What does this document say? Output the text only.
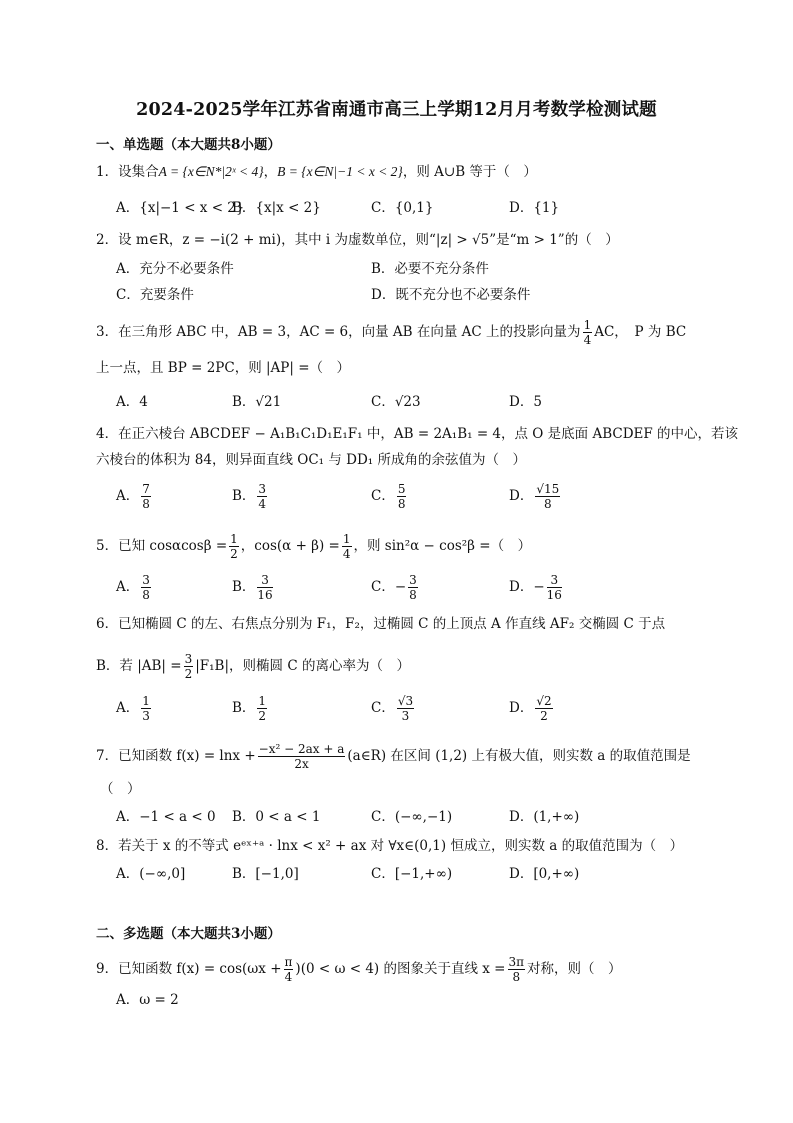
2024-2025学年江苏省南通市高三上学期12月月考数学检测试题
一、单选题（本大题共8小题）
1．设集合A = {x∈N*|2ˣ < 4}，B = {x∈N|−1 < x < 2}，则 A∪B 等于（　）
A．{x|−1 < x < 2}
B．{x|x < 2}	C．{0,1}	D．{1}
2．设 m∈R，z = −i(2 + mi)，其中 i 为虚数单位，则“|z| > √5”是“m > 1”的（　）
A．充分不必要条件	B．必要不充分条件
C．充要条件	D．既不充分也不必要条件
3．在三角形 ABC 中，AB = 3，AC = 6，向量 AB 在向量 AC 上的投影向量为 $\frac{1}{4}$ AC，　P 为 BC
上一点，且 BP = 2PC，则 |AP| =（　）
A．4	B．√21	C．√23	D．5
4．在正六棱台 ABCDEF − A₁B₁C₁D₁E₁F₁ 中，AB = 2A₁B₁ = 4，点 O 是底面 ABCDEF 的中心，若该
六棱台的体积为 84，则异面直线 OC₁ 与 DD₁ 所成角的余弦值为（　）
A． $\frac{7}{8}$	B． $\frac{3}{4}$	C． $\frac{5}{8}$	D． $\frac{√15}{8}$
5．已知 $\cos\alpha\cos\beta = \frac{1}{2}$ ，$\cos(\alpha + \beta) = \frac{1}{4}$ ，则 sin²α − cos²β =（　）
A． $\frac{3}{8}$	B． $\frac{3}{16}$	C．− $\frac{3}{8}$	D．− $\frac{3}{16}$
6．已知椭圆 C 的左、右焦点分别为 F₁，F₂，过椭圆 C 的上顶点 A 作直线 AF₂ 交椭圆 C 于点
B．若 $|AB| = \frac{3}{2} |F_1B|$，则椭圆 C 的离心率为（　）
A． $\frac{1}{3}$	B． $\frac{1}{2}$	C． $\frac{√3}{3}$	D． $\frac{√2}{2}$
7．已知函数 $f(x) = \ln x + \frac{\text{−x² − 2ax + a}}{2x}$ (a∈R) 在区间 (1,2) 上有极大值，则实数 a 的取值范围是
（　）
A．−1 < a < 0 B．0 < a < 1	C．(−∞,−1)	D．(1,+∞)
8．若关于 x 的不等式 eᵉˣ⁺ᵃ · lnx < x² + ax 对 ∀x∈(0,1) 恒成立，则实数 a 的取值范围为（　）
A．(−∞,0]	B．[−1,0]	C．[−1,+∞)	D．[0,+∞)
二、多选题（本大题共3小题）
9．已知函数 $f(x) = \cos(\omega x + \frac{\pi}{4} )(0 < \omega < 4)$ 的图象关于直线 $x = \frac{3\pi}{8}$ 对称，则（　）
A．ω = 2
